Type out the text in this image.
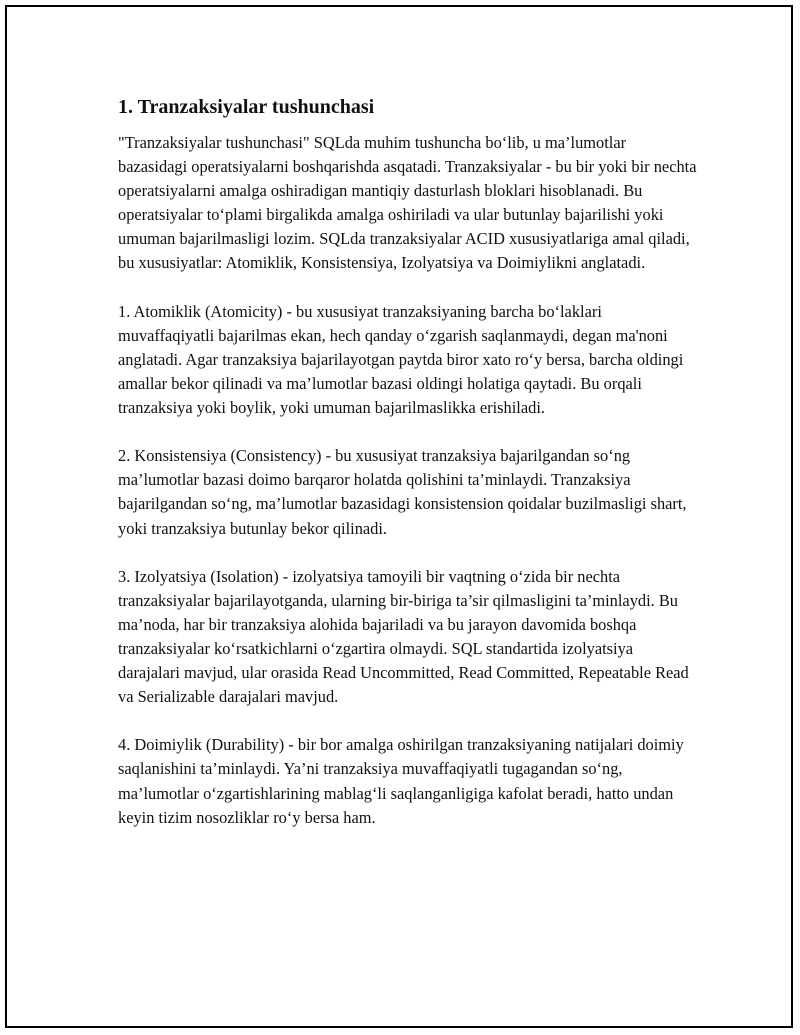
1. Tranzaksiyalar tushunchasi

"Tranzaksiyalar tushunchasi" SQLda muhim tushuncha bo‘lib, u ma’lumotlar bazasidagi operatsiyalarni boshqarishda asqatadi. Tranzaksiyalar - bu bir yoki bir nechta operatsiyalarni amalga oshiradigan mantiqiy dasturlash bloklari hisoblanadi. Bu operatsiyalar to‘plami birgalikda amalga oshiriladi va ular butunlay bajarilishi yoki umuman bajarilmasligi lozim. SQLda tranzaksiyalar ACID xususiyatlariga amal qiladi, bu xususiyatlar: Atomiklik, Konsistensiya, Izolyatsiya va Doimiylikni anglatadi.

1. Atomiklik (Atomicity) - bu xususiyat tranzaksiyaning barcha bo‘laklari muvaffaqiyatli bajarilmas ekan, hech qanday o‘zgarish saqlanmaydi, degan ma'noni anglatadi. Agar tranzaksiya bajarilayotgan paytda biror xato ro‘y bersa, barcha oldingi amallar bekor qilinadi va ma’lumotlar bazasi oldingi holatiga qaytadi. Bu orqali tranzaksiya yoki boylik, yoki umuman bajarilmaslikka erishiladi.

2. Konsistensiya (Consistency) - bu xususiyat tranzaksiya bajarilgandan so‘ng ma’lumotlar bazasi doimo barqaror holatda qolishini ta’minlaydi. Tranzaksiya bajarilgandan so‘ng, ma’lumotlar bazasidagi konsistension qoidalar buzilmasligi shart, yoki tranzaksiya butunlay bekor qilinadi.

3. Izolyatsiya (Isolation) - izolyatsiya tamoyili bir vaqtning o‘zida bir nechta tranzaksiyalar bajarilayotganda, ularning bir-biriga ta’sir qilmasligini ta’minlaydi. Bu ma’noda, har bir tranzaksiya alohida bajariladi va bu jarayon davomida boshqa tranzaksiyalar ko‘rsatkichlarni o‘zgartira olmaydi. SQL standartida izolyatsiya darajalari mavjud, ular orasida Read Uncommitted, Read Committed, Repeatable Read va Serializable darajalari mavjud.

4. Doimiylik (Durability) - bir bor amalga oshirilgan tranzaksiyaning natijalari doimiy saqlanishini ta’minlaydi. Ya’ni tranzaksiya muvaffaqiyatli tugagandan so‘ng, ma’lumotlar o‘zgartishlarining mablag‘li saqlanganligiga kafolat beradi, hatto undan keyin tizim nosozliklar ro‘y bersa ham.
